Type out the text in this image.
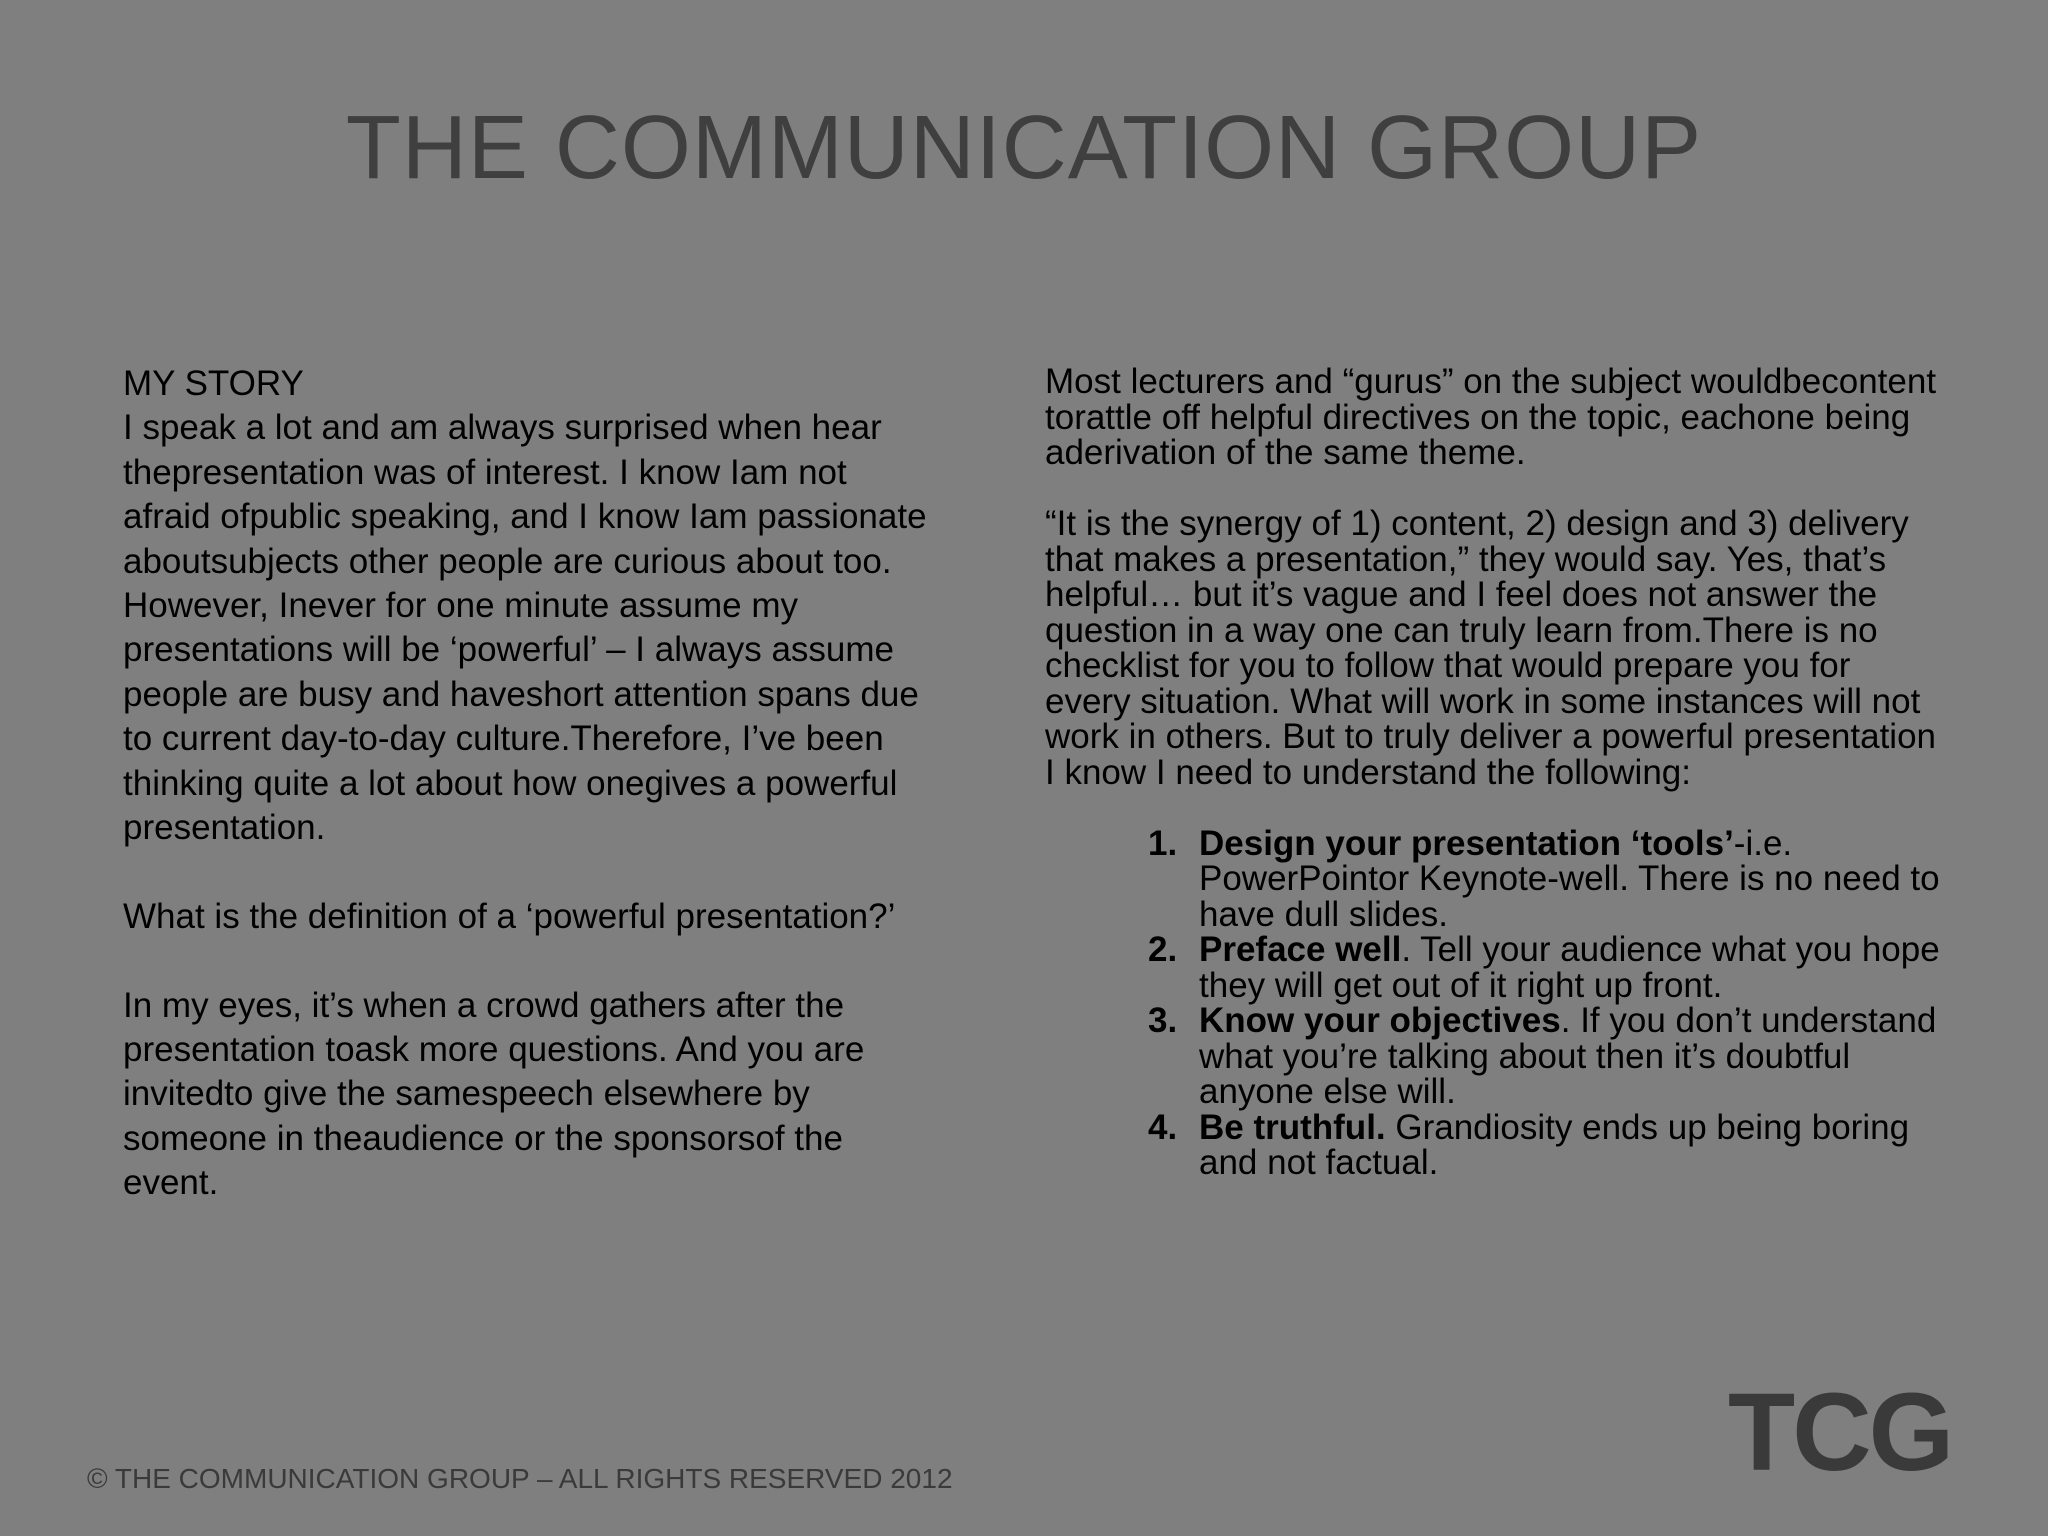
THE COMMUNICATION GROUP

MY STORY

I speak a lot and am always surprised when hear thepresentation was of interest. I know Iam not afraid ofpublic speaking, and I know Iam passionate aboutsubjects other people are curious about too. However, Inever for one minute assume my presentations will be ‘powerful’ – I always assume people are busy and haveshort attention spans due to current day-to-day culture.Therefore, I’ve been thinking quite a lot about how onegives a powerful presentation.

What is the definition of a ‘powerful presentation?’

In my eyes, it’s when a crowd gathers after the presentation toask more questions. And you are invitedto give the samespeech elsewhere by someone in theaudience or the sponsorsof the event.

Most lecturers and “gurus” on the subject wouldbecontent torattle off helpful directives on the topic, eachone being aderivation of the same theme.

“It is the synergy of 1) content, 2) design and 3) delivery that makes a presentation,” they would say. Yes, that’s helpful… but it’s vague and I feel does not answer the question in a way one can truly learn from.There is no checklist for you to follow that would prepare you for every situation. What will work in some instances will not work in others. But to truly deliver a powerful presentation I know I need to understand the following:

1. Design your presentation ‘tools’-i.e. PowerPointor Keynote-well. There is no need to have dull slides.
2. Preface well. Tell your audience what you hope they will get out of it right up front.
3. Know your objectives. If you don’t understand what you’re talking about then it’s doubtful anyone else will.
4. Be truthful. Grandiosity ends up being boring and not factual.
© THE COMMUNICATION GROUP – ALL RIGHTS RESERVED 2012	TCG
